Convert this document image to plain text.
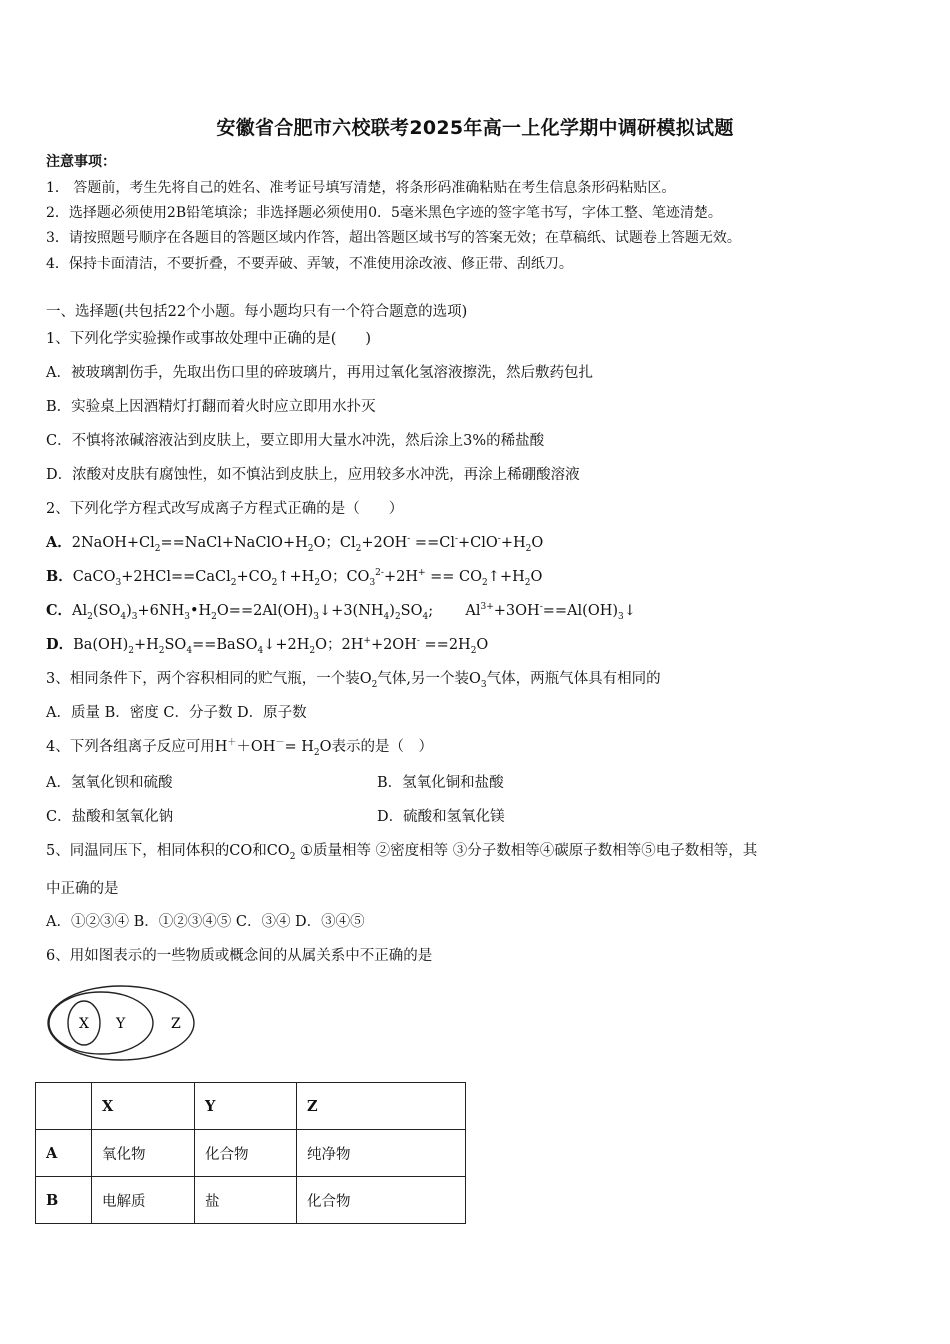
安徽省合肥市六校联考2025年高一上化学期中调研模拟试题
注意事项：
1． 答题前，考生先将自己的姓名、准考证号填写清楚，将条形码准确粘贴在考生信息条形码粘贴区。
2．选择题必须使用2B铅笔填涂；非选择题必须使用0．5毫米黑色字迹的签字笔书写，字体工整、笔迹清楚。
3．请按照题号顺序在各题目的答题区域内作答，超出答题区域书写的答案无效；在草稿纸、试题卷上答题无效。
4．保持卡面清洁，不要折叠，不要弄破、弄皱，不准使用涂改液、修正带、刮纸刀。
一、选择题(共包括22个小题。每小题均只有一个符合题意的选项)
1、下列化学实验操作或事故处理中正确的是(　　)
A．被玻璃割伤手，先取出伤口里的碎玻璃片，再用过氧化氢溶液擦洗，然后敷药包扎
B．实验桌上因酒精灯打翻而着火时应立即用水扑灭
C．不慎将浓碱溶液沾到皮肤上，要立即用大量水冲洗，然后涂上3%的稀盐酸
D．浓酸对皮肤有腐蚀性，如不慎沾到皮肤上，应用较多水冲洗，再涂上稀硼酸溶液
2、下列化学方程式改写成离子方程式正确的是（　　）
A．$2NaOH+Cl_2==NaCl+NaClO+H_2O$；$Cl_2+2OH^- ==Cl^-+ClO^-+H_2O$
B．$CaCO_3+2HCl==CaCl_2+CO_2↑+H_2O$；$CO_3^{2-}+2H^+$ == $CO_2↑+H_2O$
C．$Al_2(SO_4)_3+6NH_3•H_2O==2Al(OH)_3↓+3(NH_4)_2SO_4$;       $Al^{3+}+3OH^-==Al(OH)_3↓$
D．$Ba(OH)_2+H_2SO_4==BaSO_4↓+2H_2O$；$2H^++2OH^- ==2H_2O$
3、相同条件下，两个容积相同的贮气瓶，一个装$O_2$气体,另一个装$O_3$气体，两瓶气体具有相同的
A．质量 B．密度 C．分子数 D．原子数
4、下列各组离子反应可用$H^++OH^-= H_2O$表示的是（　）
A．氢氧化钡和硫酸	B．氢氧化铜和盐酸
C．盐酸和氢氧化钠	D．硫酸和氢氧化镁
5、同温同压下，相同体积的CO和$CO_2$ ①质量相等 ②密度相等 ③分子数相等④碳原子数相等⑤电子数相等，其
中正确的是
A．①②③④ B．①②③④⑤ C．③④ D．③④⑤
6、用如图表示的一些物质或概念间的从属关系中不正确的是
X Y	Z
	X	Y	Z
A	氧化物	化合物	纯净物
B	电解质	盐	化合物
